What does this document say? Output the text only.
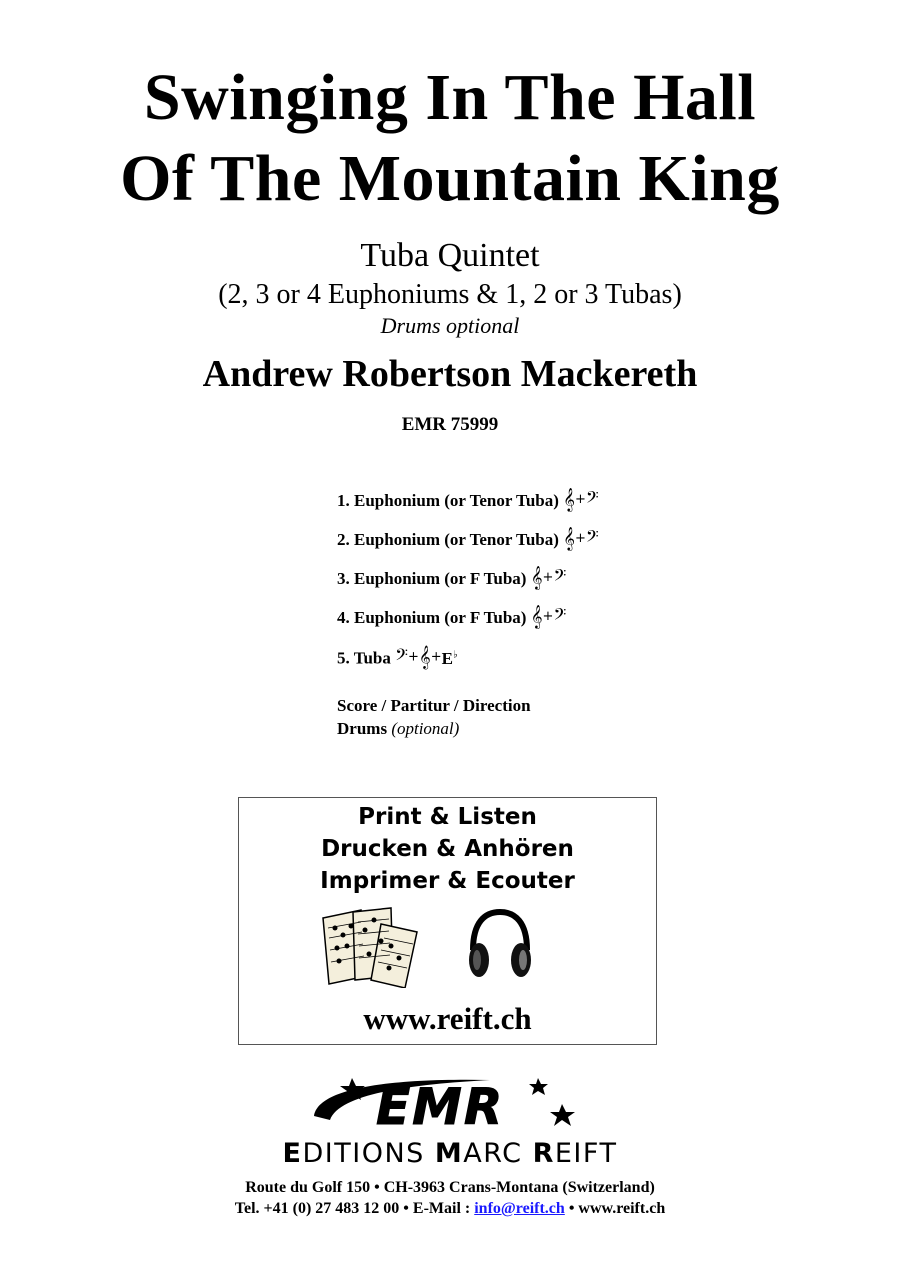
Swinging In The Hall
Of The Mountain King
Tuba Quintet
(2, 3 or 4 Euphoniums & 1, 2 or 3 Tubas)
Drums optional
Andrew Robertson Mackereth
EMR 75999
1. Euphonium (or Tenor Tuba) 𝄞+𝄢
2. Euphonium (or Tenor Tuba) 𝄞+𝄢
3. Euphonium (or F Tuba) 𝄞+𝄢
4. Euphonium (or F Tuba) 𝄞+𝄢
5. Tuba 𝄢+𝄞+E♭
Score / Partitur / Direction
Drums (optional)
Print & Listen
Drucken & Anhören
Imprimer & Ecouter
www.reift.ch
EMR
EDITIONS MARC REIFT
Route du Golf 150 • CH-3963 Crans-Montana (Switzerland)
Tel. +41 (0) 27 483 12 00 • E-Mail : info@reift.ch • www.reift.ch
